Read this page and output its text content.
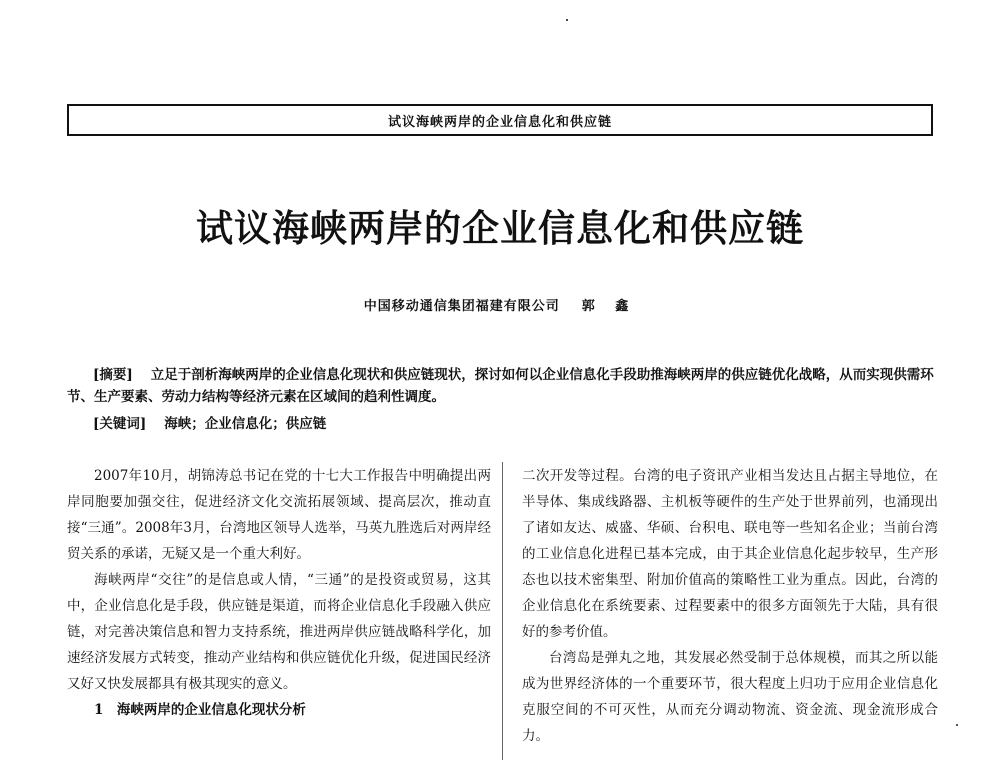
试议海峡两岸的企业信息化和供应链
试议海峡两岸的企业信息化和供应链
中国移动通信集团福建有限公司 郭 鑫
[摘要] 立足于剖析海峡两岸的企业信息化现状和供应链现状，探讨如何以企业信息化手段助推海峡两岸的供应链优化战略，从而实现供需环节、生产要素、劳动力结构等经济元素在区域间的趋利性调度。
[关键词] 海峡；企业信息化；供应链

2007年10月，胡锦涛总书记在党的十七大工作报告中明确提出两岸同胞要加强交往，促进经济文化交流拓展领域、提高层次，推动直接“三通”。2008年3月，台湾地区领导人选举，马英九胜选后对两岸经贸关系的承诺，无疑又是一个重大利好。

海峡两岸“交往”的是信息或人情，“三通”的是投资或贸易，这其中，企业信息化是手段，供应链是渠道，而将企业信息化手段融入供应链，对完善决策信息和智力支持系统，推进两岸供应链战略科学化，加速经济发展方式转变，推动产业结构和供应链优化升级，促进国民经济又好又快发展都具有极其现实的意义。

1　海峡两岸的企业信息化现状分析

二次开发等过程。台湾的电子资讯产业相当发达且占据主导地位，在半导体、集成线路器、主机板等硬件的生产处于世界前列，也涌现出了诸如友达、威盛、华硕、台积电、联电等一些知名企业；当前台湾的工业信息化进程已基本完成，由于其企业信息化起步较早，生产形态也以技术密集型、附加价值高的策略性工业为重点。因此，台湾的企业信息化在系统要素、过程要素中的很多方面领先于大陆，具有很好的参考价值。

台湾岛是弹丸之地，其发展必然受制于总体规模，而其之所以能成为世界经济体的一个重要环节，很大程度上归功于应用企业信息化克服空间的不可灭性，从而充分调动物流、资金流、现金流形成合力。
